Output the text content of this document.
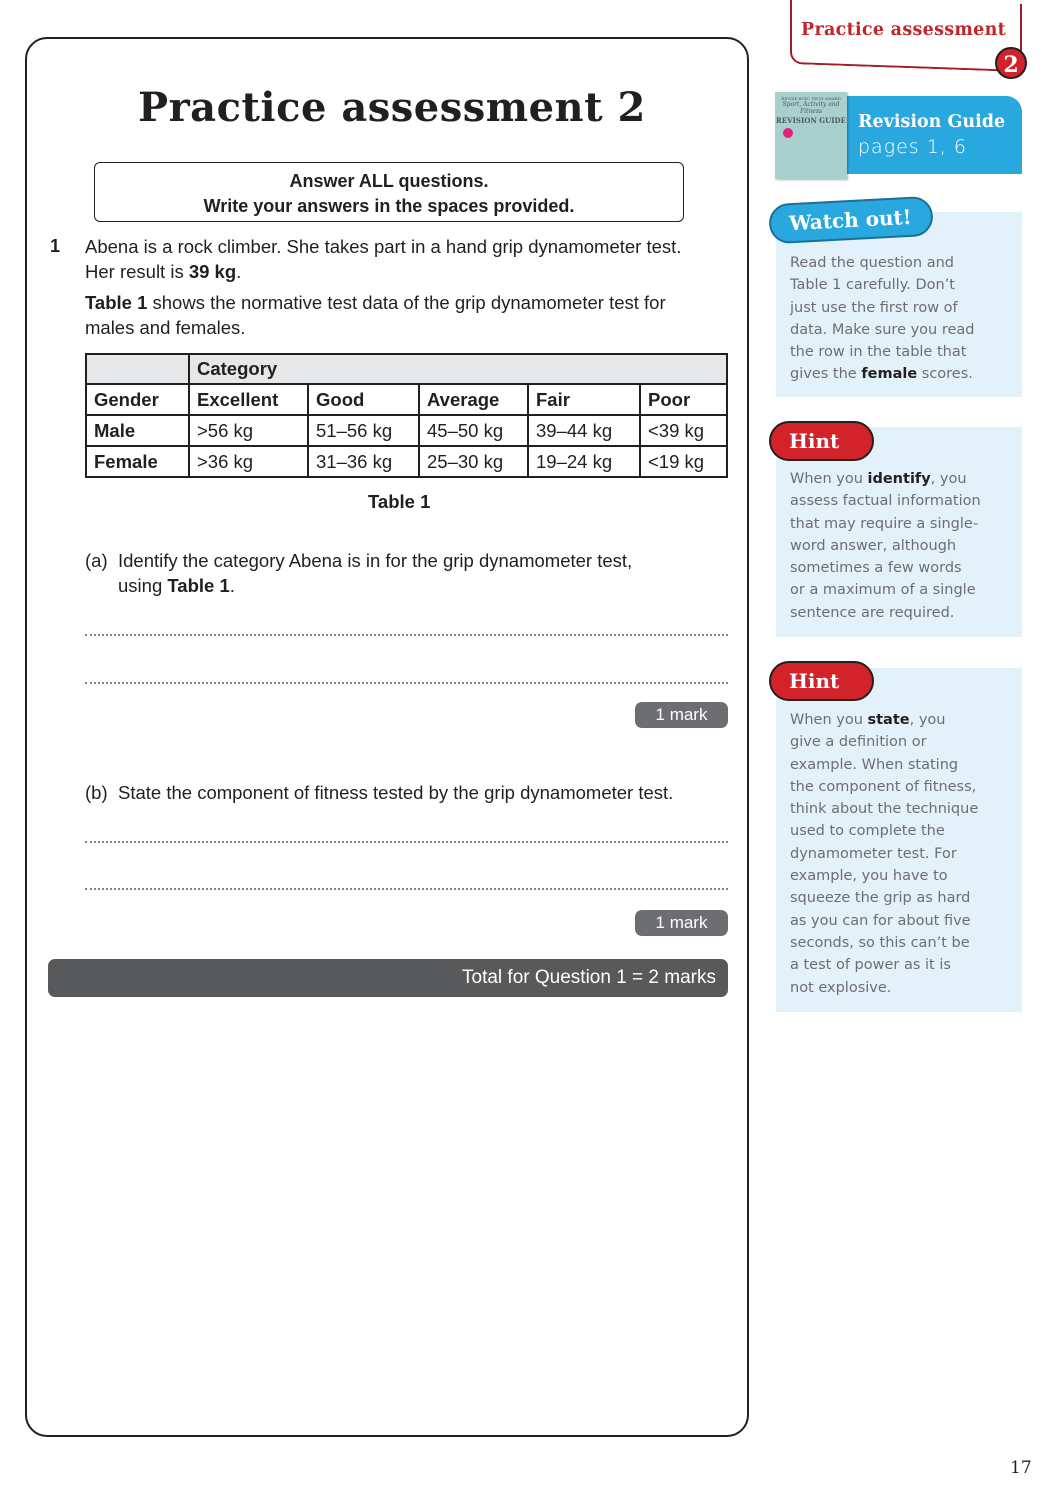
Practice assessment
2
REVISE BTEC TECH AWARD
Sport, Activity and Fitness
REVISION GUIDE Revision Guide
pages 1, 6
Practice assessment 2
Answer ALL questions.
Write your answers in the spaces provided.
1 Abena is a rock climber. She takes part in a hand grip dynamometer test.
Her result is 39 kg.
Table 1 shows the normative test data of the grip dynamometer test for
males and females.
	Category				
Gender	Excellent	Good	Average	Fair	Poor
Male	>56 kg	51–56 kg	45–50 kg	39–44 kg	<39 kg
Female	>36 kg	31–36 kg	25–30 kg	19–24 kg	<19 kg
Table 1
(a) Identify the category Abena is in for the grip dynamometer test,
using Table 1.
1 mark
(b) State the component of fitness tested by the grip dynamometer test.
1 mark
Total for Question 1 = 2 marks
Read the question and
Table 1 carefully. Don’t
just use the first row of
data. Make sure you read
the row in the table that
gives the female scores.
Watch out!
When you identify, you
assess factual information
that may require a single-
word answer, although
sometimes a few words
or a maximum of a single
sentence are required.
Hint
When you state, you
give a definition or
example. When stating
the component of fitness,
think about the technique
used to complete the
dynamometer test. For
example, you have to
squeeze the grip as hard
as you can for about five
seconds, so this can’t be
a test of power as it is
not explosive.
Hint
17
